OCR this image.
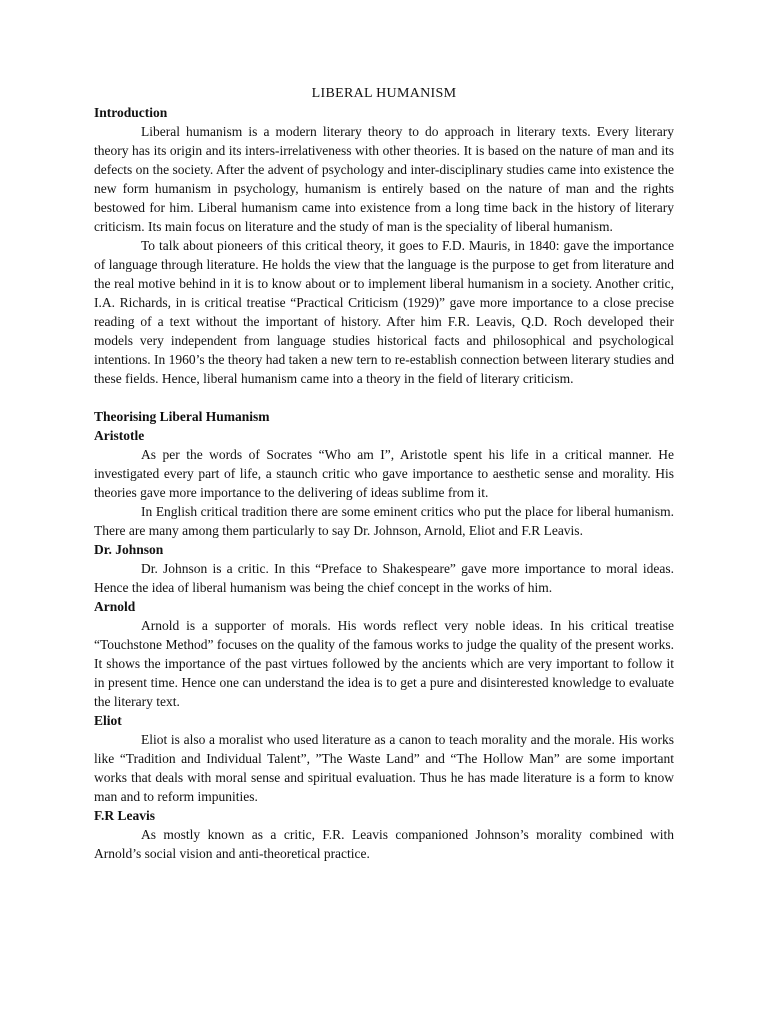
LIBERAL HUMANISM

Introduction

Liberal humanism is a modern literary theory to do approach in literary texts. Every literary theory has its origin and its inters-irrelativeness with other theories. It is based on the nature of man and its defects on the society. After the advent of psychology and inter-disciplinary studies came into existence the new form humanism in psychology, humanism is entirely based on the nature of man and the rights bestowed for him. Liberal humanism came into existence from a long time back in the history of literary criticism. Its main focus on literature and the study of man is the speciality of liberal humanism.

To talk about pioneers of this critical theory, it goes to F.D. Mauris, in 1840: gave the importance of language through literature. He holds the view that the language is the purpose to get from literature and the real motive behind in it is to know about or to implement liberal humanism in a society. Another critic, I.A. Richards, in is critical treatise “Practical Criticism (1929)” gave more importance to a close precise reading of a text without the important of history. After him F.R. Leavis, Q.D. Roch developed their models very independent from language studies historical facts and philosophical and psychological intentions. In 1960’s the theory had taken a new tern to re-establish connection between literary studies and these fields. Hence, liberal humanism came into a theory in the field of literary criticism.

Theorising Liberal Humanism

Aristotle

As per the words of Socrates “Who am I”, Aristotle spent his life in a critical manner. He investigated every part of life, a staunch critic who gave importance to aesthetic sense and morality. His theories gave more importance to the delivering of ideas sublime from it.

In English critical tradition there are some eminent critics who put the place for liberal humanism. There are many among them particularly to say Dr. Johnson, Arnold, Eliot and F.R Leavis.

Dr. Johnson

Dr. Johnson is a critic. In this “Preface to Shakespeare” gave more importance to moral ideas. Hence the idea of liberal humanism was being the chief concept in the works of him.

Arnold

Arnold is a supporter of morals. His words reflect very noble ideas. In his critical treatise “Touchstone Method” focuses on the quality of the famous works to judge the quality of the present works. It shows the importance of the past virtues followed by the ancients which are very important to follow it in present time. Hence one can understand the idea is to get a pure and disinterested knowledge to evaluate the literary text.

Eliot

Eliot is also a moralist who used literature as a canon to teach morality and the morale. His works like “Tradition and Individual Talent”, ”The Waste Land” and “The Hollow Man” are some important works that deals with moral sense and spiritual evaluation. Thus he has made literature is a form to know man and to reform impunities.

F.R Leavis

As mostly known as a critic, F.R. Leavis companioned Johnson’s morality combined with Arnold’s social vision and anti-theoretical practice.
